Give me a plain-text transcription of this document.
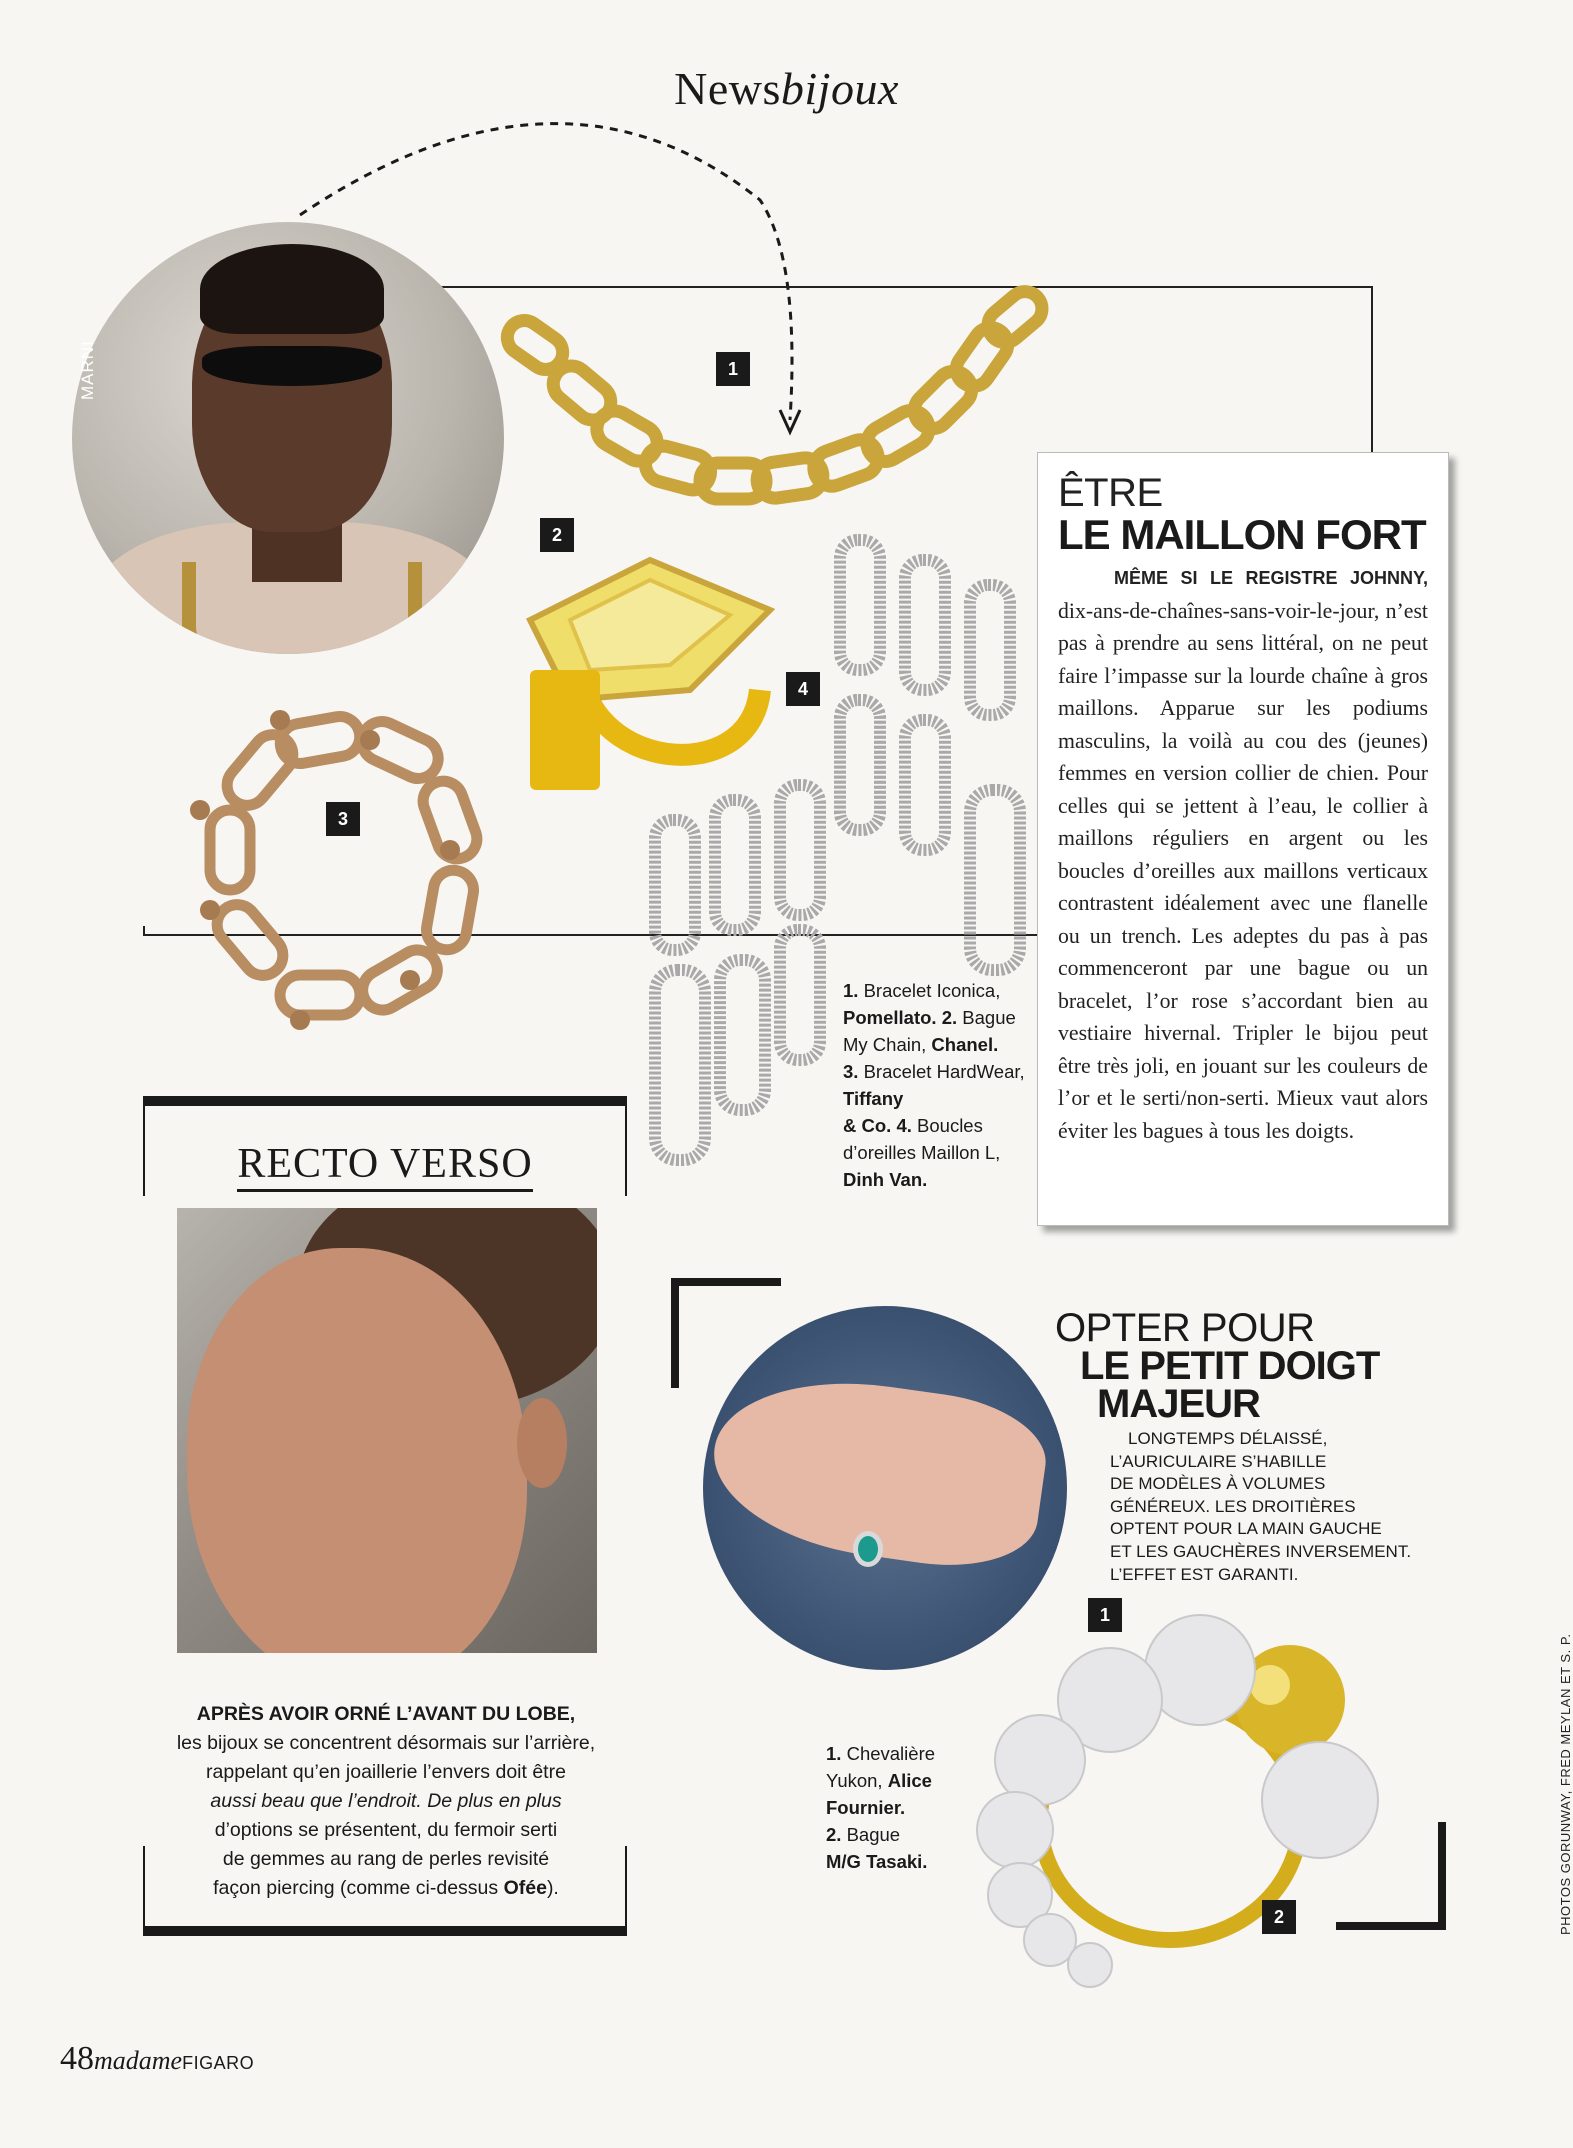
Newsbijoux
MARNI	1
2
3
4
1. Bracelet Iconica, Pomellato. 2. Bague My Chain, Chanel.
3. Bracelet HardWear, Tiffany
& Co. 4. Boucles d’oreilles Maillon L, Dinh Van.
ÊTRE
LE MAILLON FORT
MÊME SI LE REGISTRE JOHNNY, dix-ans-de-chaînes-sans-voir-le-jour, n’est pas à prendre au sens littéral, on ne peut faire l’impasse sur la lourde chaîne à gros maillons. Apparue sur les podiums masculins, la voilà au cou des (jeunes) femmes en version collier de chien. Pour celles qui se jettent à l’eau, le collier à maillons réguliers en argent ou les boucles d’oreilles aux maillons verticaux contrastent idéalement avec une flanelle ou un trench. Les adeptes du pas à pas commenceront par une bague ou un bracelet, l’or rose s’accordant bien au vestiaire hivernal. Tripler le bijou peut être très joli, en jouant sur les couleurs de l’or et le serti/non-serti. Mieux vaut alors éviter les bagues à tous les doigts.
RECTO VERSO
APRÈS AVOIR ORNÉ L’AVANT DU LOBE,
les bijoux se concentrent désormais sur l’arrière,
rappelant qu’en joaillerie l’envers doit être
aussi beau que l’endroit. De plus en plus
d’options se présentent, du fermoir serti
de gemmes au rang de perles revisité
façon piercing (comme ci-dessus Ofée).
OPTER POUR
LE PETIT DOIGT
MAJEUR
LONGTEMPS DÉLAISSÉ,
L’AURICULAIRE S’HABILLE
DE MODÈLES À VOLUMES
GÉNÉREUX. LES DROITIÈRES
OPTENT POUR LA MAIN GAUCHE
ET LES GAUCHÈRES INVERSEMENT.
L’EFFET EST GARANTI.
1
2
1. Chevalière
Yukon, Alice
Fournier.
2. Bague
M/G Tasaki.	PHOTOS GORUNWAY, FRED MEYLAN ET S. P.
48madameFIGARO
